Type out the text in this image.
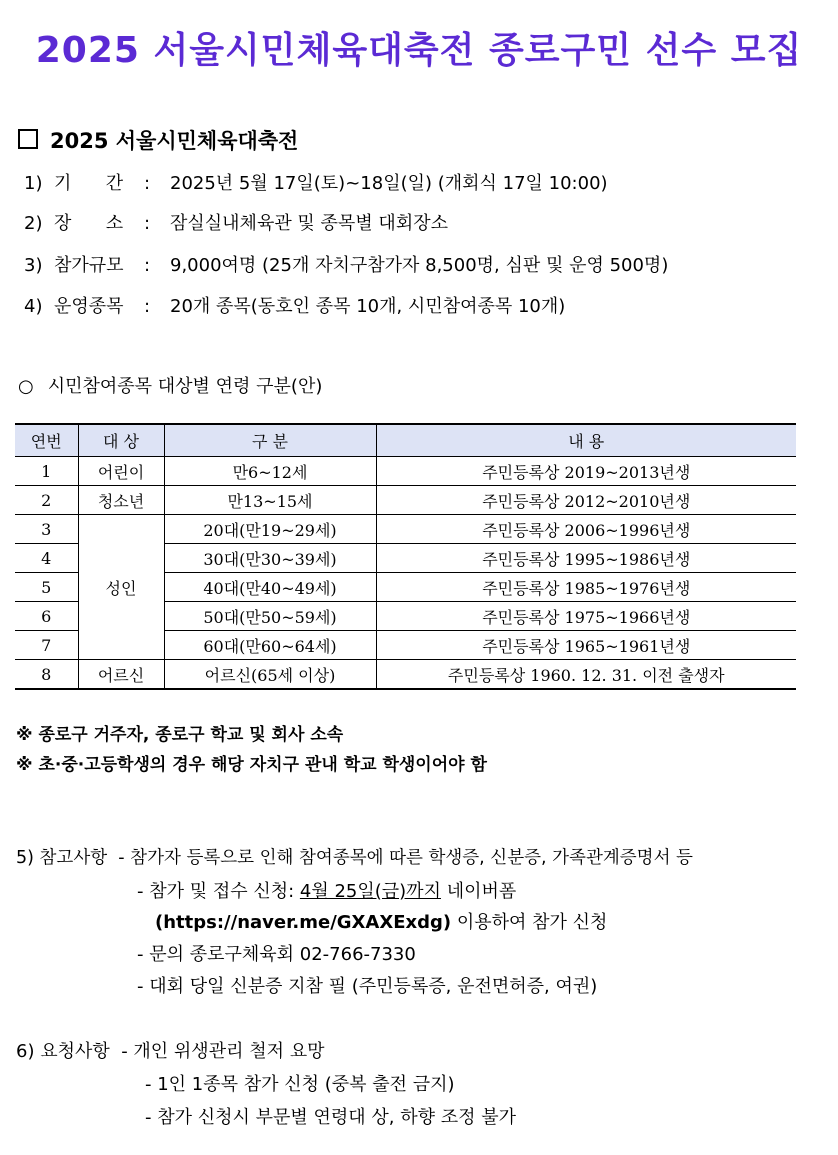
2025 서울시민체육대축전 종로구민 선수 모집
2025 서울시민체육대축전
1) 기      간 : 2025년 5월 17일(토)~18일(일) (개회식 17일 10:00)
2) 장      소 : 잠실실내체육관 및 종목별 대회장소
3) 참가규모 : 9,000여명 (25개 자치구참가자 8,500명, 심판 및 운영 500명)
4) 운영종목 : 20개 종목(동호인 종목 10개, 시민참여종목 10개)
○ 시민참여종목 대상별 연령 구분(안)
연번	대 상	구 분	내 용
1	어린이	만6~12세	주민등록상 2019~2013년생
2	청소년	만13~15세	주민등록상 2012~2010년생
3	성인	20대(만19~29세)	주민등록상 2006~1996년생
4		30대(만30~39세)	주민등록상 1995~1986년생
5		40대(만40~49세)	주민등록상 1985~1976년생
6		50대(만50~59세)	주민등록상 1975~1966년생
7		60대(만60~64세)	주민등록상 1965~1961년생
8	어르신	어르신(65세 이상)	주민등록상 1960. 12. 31. 이전 출생자
※ 종로구 거주자, 종로구 학교 및 회사 소속
※ 초·중·고등학생의 경우 해당 자치구 관내 학교 학생이어야 함
5) 참고사항 - 참가자 등록으로 인해 참여종목에 따른 학생증, 신분증, 가족관계증명서 등
- 참가 및 접수 신청: 4월 25일(금)까지 네이버폼
(https://naver.me/GXAXExdg) 이용하여 참가 신청
- 문의 종로구체육회 02-766-7330
- 대회 당일 신분증 지참 필 (주민등록증, 운전면허증, 여권)
6) 요청사항 - 개인 위생관리 철저 요망
- 1인 1종목 참가 신청 (중복 출전 금지)
- 참가 신청시 부문별 연령대 상, 하향 조정 불가
